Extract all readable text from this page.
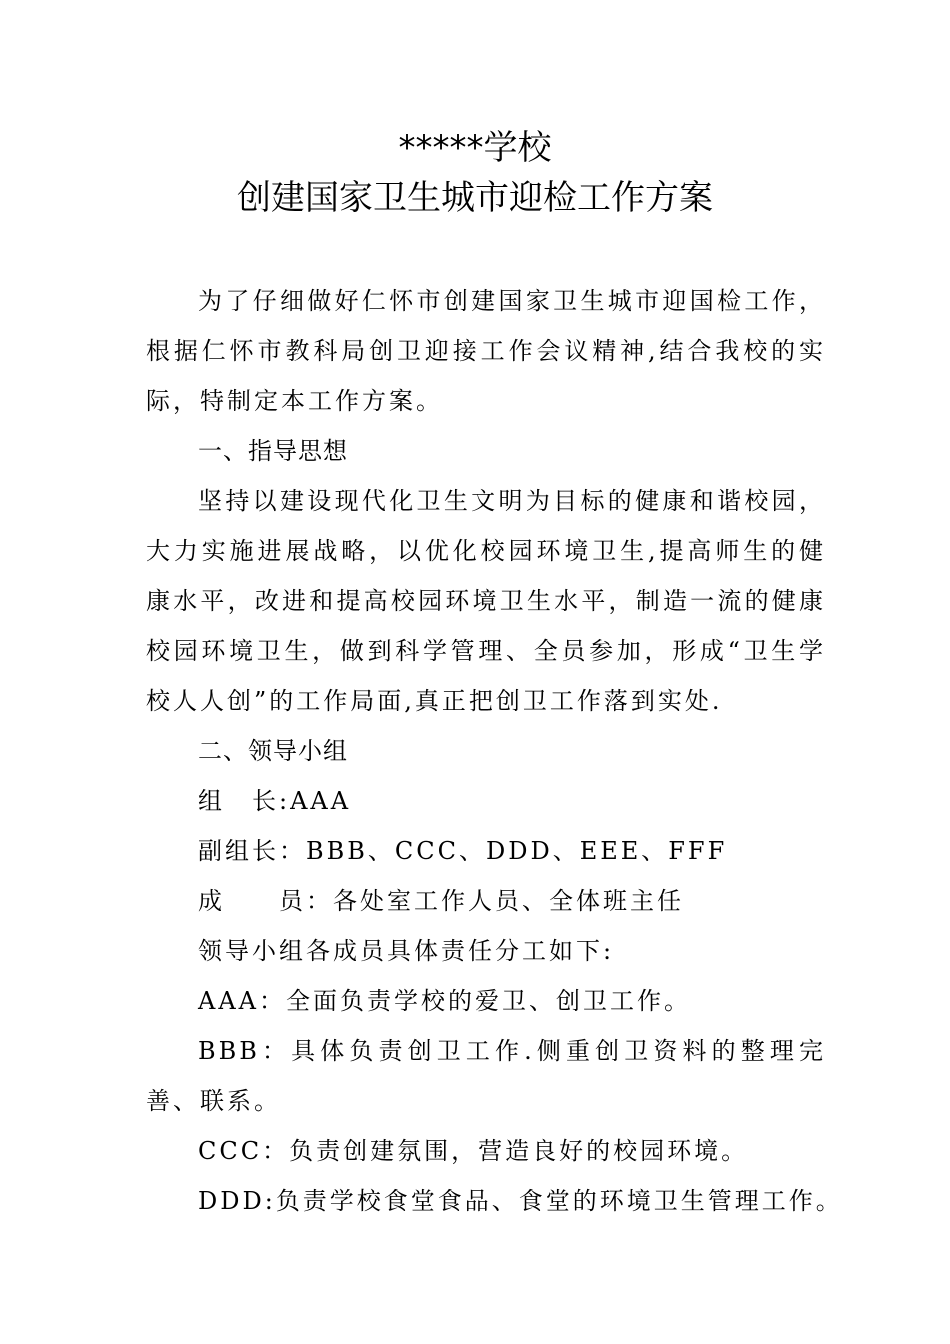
*****学校
创建国家卫生城市迎检工作方案

为了仔细做好仁怀市创建国家卫生城市迎国检工作，根据仁怀市教科局创卫迎接工作会议精神,结合我校的实际，特制定本工作方案。

一、指导思想

坚持以建设现代化卫生文明为目标的健康和谐校园，大力实施进展战略，以优化校园环境卫生,提高师生的健康水平，改进和提高校园环境卫生水平，制造一流的健康校园环境卫生，做到科学管理、全员参加，形成“卫生学校人人创”的工作局面,真正把创卫工作落到实处.

二、领导小组

组　长:AAA

副组长：BBB、CCC、DDD、EEE、FFF

成　　员：各处室工作人员、全体班主任

领导小组各成员具体责任分工如下:

AAA：全面负责学校的爱卫、创卫工作。

BBB：具体负责创卫工作.侧重创卫资料的整理完善、联系。

CCC：负责创建氛围，营造良好的校园环境。

DDD:负责学校食堂食品、食堂的环境卫生管理工作。
